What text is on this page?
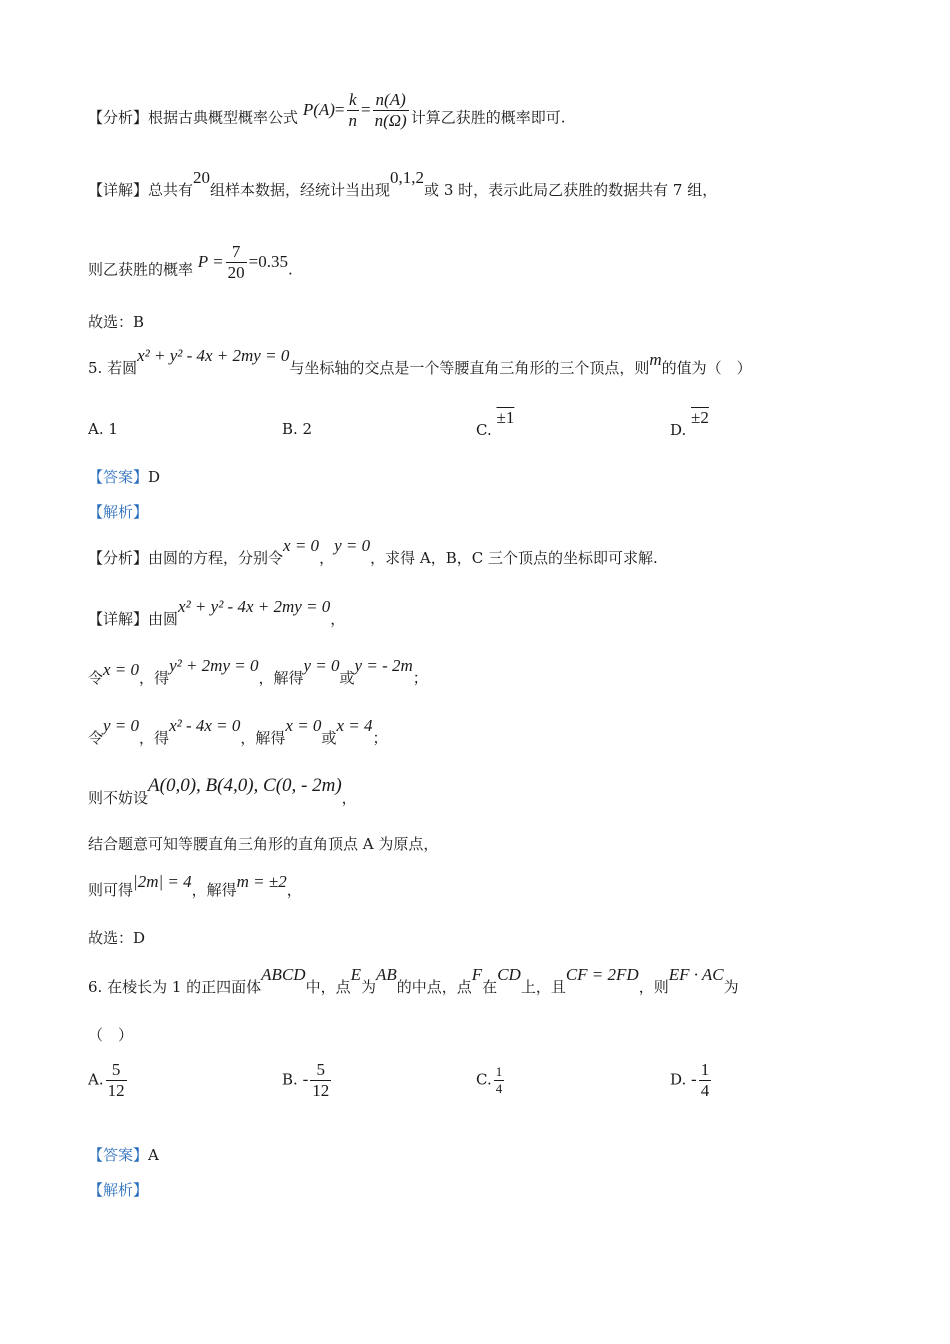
【分析】根据古典概型概率公式 $P(A)= \frac{k}{n} = \frac{n(A)}{n(\Omega)}$ 计算乙获胜的概率即可.
【详解】总共有20组样本数据，经统计当出现0,1,2或 3 时，表示此局乙获胜的数据共有 7 组，
则乙获胜的概率 $P = \frac{7}{20} =0.35$.
故选：B
5. 若圆x² + y² - 4x + 2my = 0与坐标轴的交点是一个等腰直角三角形的三个顶点，则m的值为（　）
A. 1	B. 2	C. ±1
D. ±2
【答案】D
【解析】
【分析】由圆的方程，分别令x = 0，y = 0，求得 A，B，C 三个顶点的坐标即可求解.
【详解】由圆x² + y² - 4x + 2my = 0，
令x = 0，得y² + 2my = 0，解得y = 0或y = - 2m；
令y = 0，得x² - 4x = 0，解得x = 0或x = 4；
则不妨设A(0,0), B(4,0), C(0, - 2m)，
结合题意可知等腰直角三角形的直角顶点 A 为原点，
则可得|2m| = 4，解得m = ±2，
故选：D
6. 在棱长为 1 的正四面体ABCD中，点E为AB的中点，点F在CD上，且CF = 2FD，则EF · AC为
（　）
A. $\frac{5}{12}$	B. - $\frac{5}{12}$	C. $\frac{1}{4}$	D. - $\frac{1}{4}$
【答案】A
【解析】
